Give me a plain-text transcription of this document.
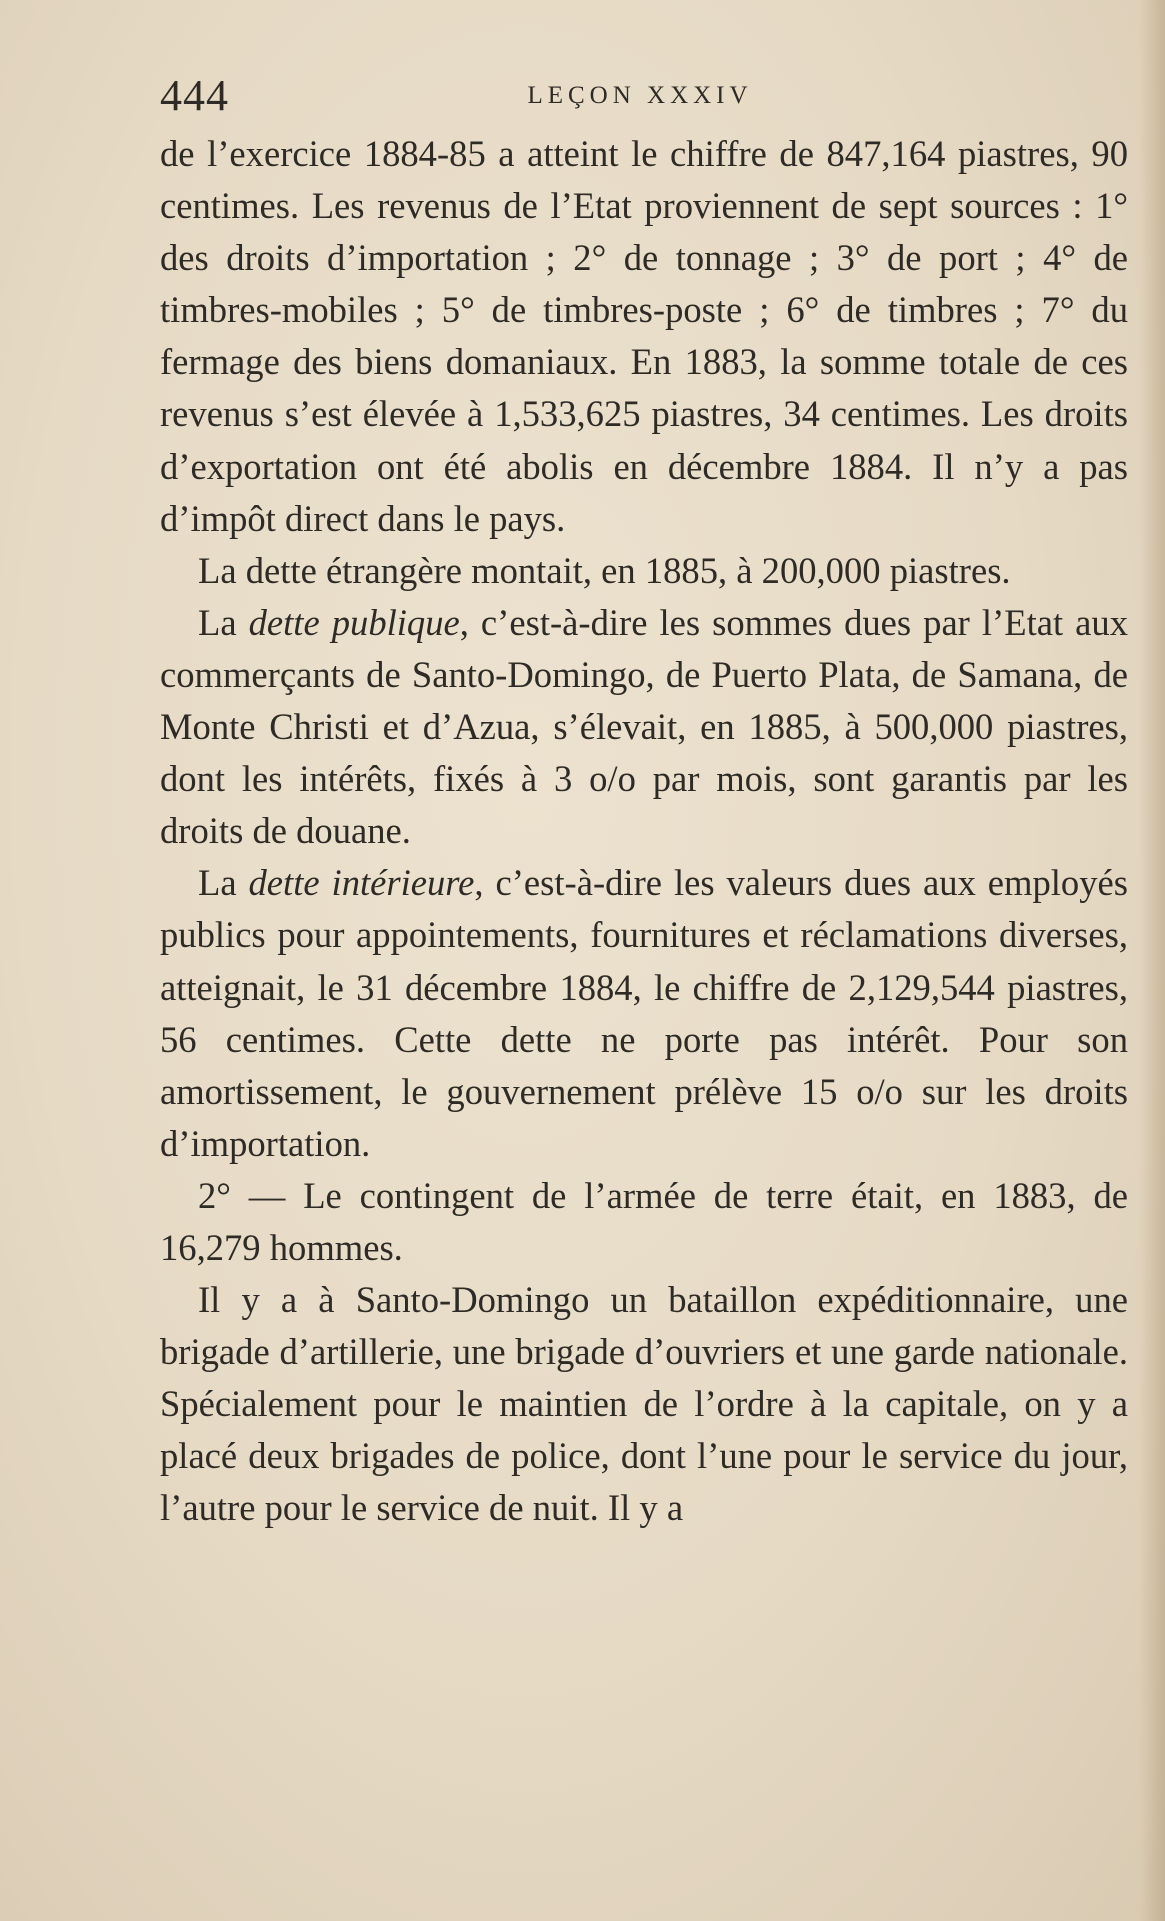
444	LEÇON XXXIV

de l’exercice 1884-85 a atteint le chiffre de 847,164 piastres, 90 centimes. Les revenus de l’Etat proviennent de sept sources : 1° des droits d’importation ; 2° de tonnage ; 3° de port ; 4° de timbres-mobiles ; 5° de timbres-poste ; 6° de timbres ; 7° du fermage des biens domaniaux. En 1883, la somme totale de ces revenus s’est élevée à 1,533,625 piastres, 34 centimes. Les droits d’exportation ont été abolis en décembre 1884. Il n’y a pas d’impôt direct dans le pays.

La dette étrangère montait, en 1885, à 200,000 piastres.

La dette publique, c’est-à-dire les sommes dues par l’Etat aux commerçants de Santo-Domingo, de Puerto Plata, de Samana, de Monte Christi et d’Azua, s’élevait, en 1885, à 500,000 piastres, dont les intérêts, fixés à 3 o/o par mois, sont garantis par les droits de douane.

La dette intérieure, c’est-à-dire les valeurs dues aux employés publics pour appointements, fournitures et réclamations diverses, atteignait, le 31 décembre 1884, le chiffre de 2,129,544 piastres, 56 centimes. Cette dette ne porte pas intérêt. Pour son amortissement, le gouvernement prélève 15 o/o sur les droits d’importation.

2° — Le contingent de l’armée de terre était, en 1883, de 16,279 hommes.

Il y a à Santo-Domingo un bataillon expéditionnaire, une brigade d’artillerie, une brigade d’ouvriers et une garde nationale. Spécialement pour le maintien de l’ordre à la capitale, on y a placé deux brigades de police, dont l’une pour le service du jour, l’autre pour le service de nuit. Il y a
